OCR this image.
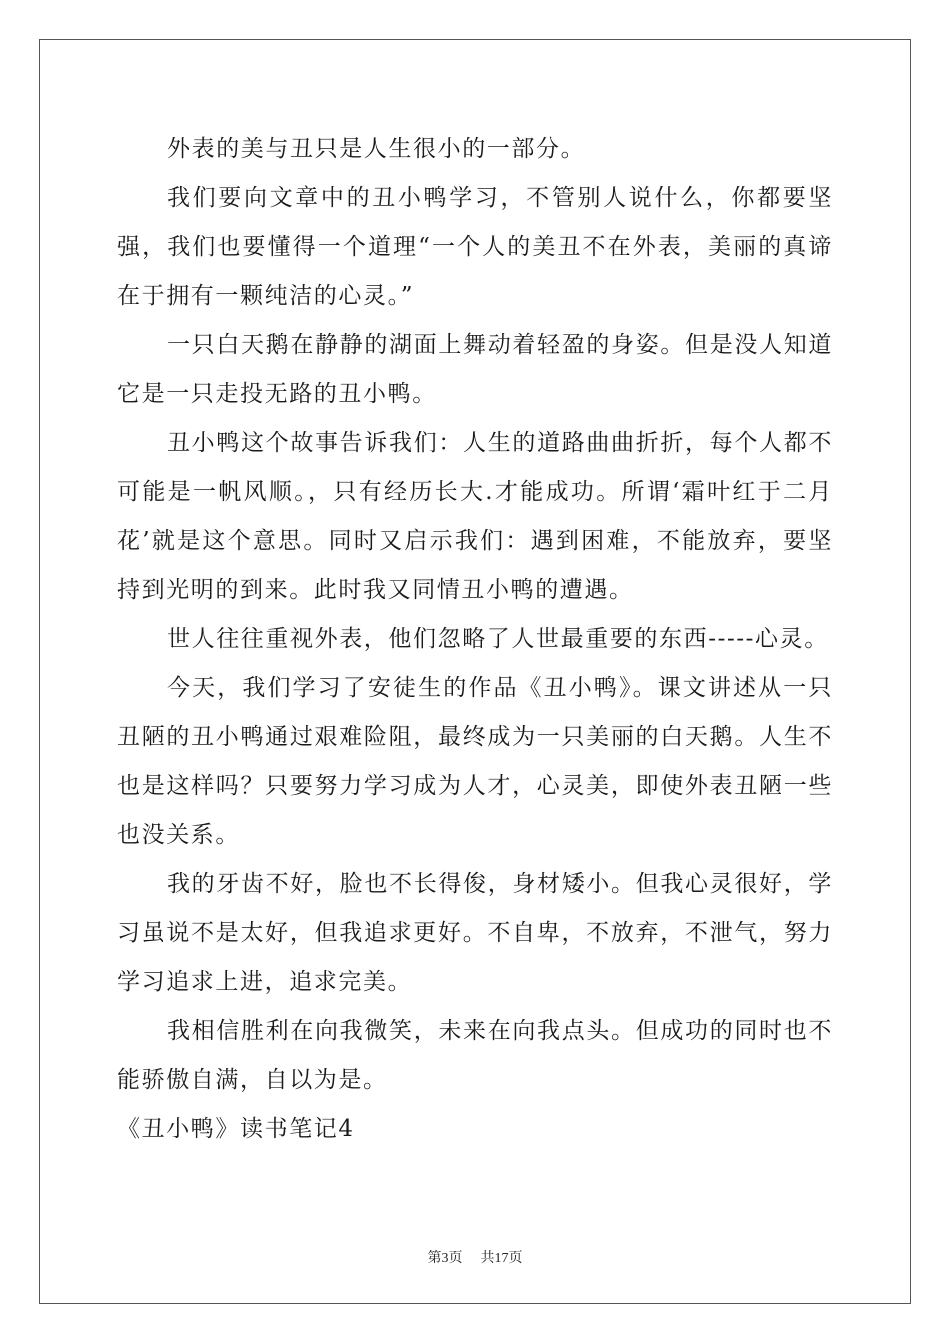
外表的美与丑只是人生很小的一部分。

我们要向文章中的丑小鸭学习，不管别人说什么，你都要坚强，我们也要懂得一个道理“一个人的美丑不在外表，美丽的真谛在于拥有一颗纯洁的心灵。”

一只白天鹅在静静的湖面上舞动着轻盈的身姿。但是没人知道它是一只走投无路的丑小鸭。

丑小鸭这个故事告诉我们：人生的道路曲曲折折，每个人都不可能是一帆风顺。，只有经历长大.才能成功。所谓‘霜叶红于二月花’就是这个意思。同时又启示我们：遇到困难，不能放弃，要坚持到光明的到来。此时我又同情丑小鸭的遭遇。

世人往往重视外表，他们忽略了人世最重要的东西-----心灵。

今天，我们学习了安徒生的作品《丑小鸭》。课文讲述从一只丑陋的丑小鸭通过艰难险阻，最终成为一只美丽的白天鹅。人生不也是这样吗？只要努力学习成为人才，心灵美，即使外表丑陋一些也没关系。

我的牙齿不好，脸也不长得俊，身材矮小。但我心灵很好，学习虽说不是太好，但我追求更好。不自卑，不放弃，不泄气，努力学习追求上进，追求完美。

我相信胜利在向我微笑，未来在向我点头。但成功的同时也不能骄傲自满，自以为是。

《丑小鸭》读书笔记4

第3页 共17页
